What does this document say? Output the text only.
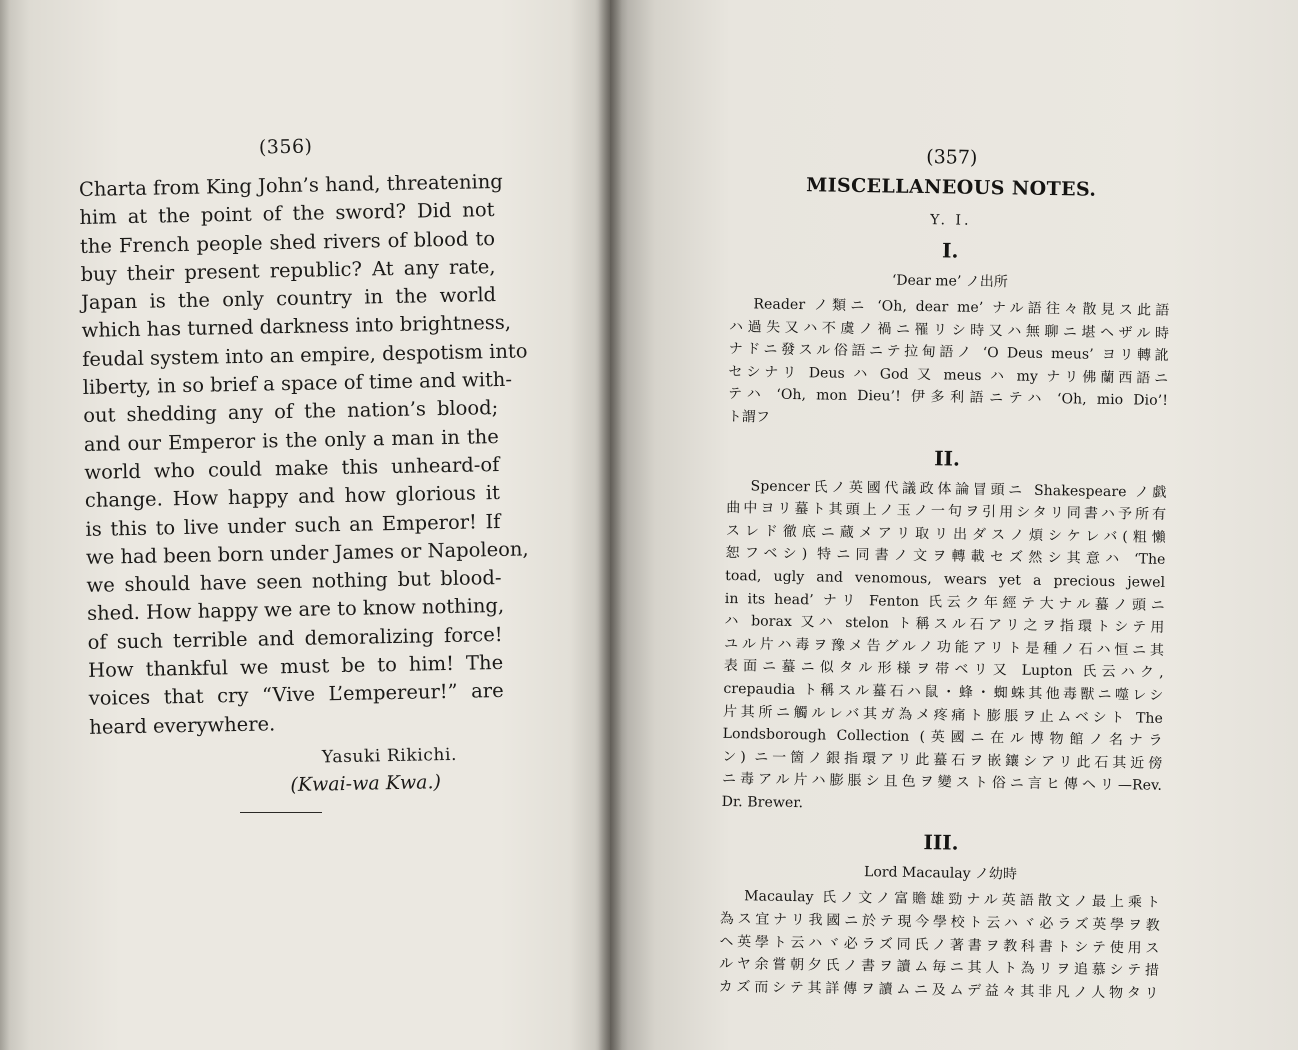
(356)

Charta from King John’s hand, threatening
him at the point of the sword? Did not
the French people shed rivers of blood to
buy their present republic? At any rate,
Japan is the only country in the world
which has turned darkness into brightness,
feudal system into an empire, despotism into
liberty, in so brief a space of time and with-
out shedding any of the nation’s blood;
and our Emperor is the only a man in the
world who could make this unheard-of
change. How happy and how glorious it
is this to live under such an Emperor! If
we had been born under James or Napoleon,
we should have seen nothing but blood-
shed. How happy we are to know nothing,
of such terrible and demoralizing force!
How thankful we must be to him! The
voices that cry “Vive L’empereur!” are
heard everywhere.

Yasuki Rikichi.
(Kwai-wa Kwa.)
(357)
MISCELLANEOUS NOTES.
Y. I.
I.
‘Dear me’ ノ出所

Reader ノ類ニ ‘Oh, dear me’ ナル語往々散見ス此語
ハ過失又ハ不虞ノ禍ニ罹リシ時又ハ無聊ニ堪ヘザル時
ナドニ發スル俗語ニテ拉甸語ノ ‘O Deus meus’ ヨリ轉訛
セシナリ Deus ハ God 又 meus ハ my ナリ佛蘭西語ニ
テハ ‘Oh, mon Dieu’! 伊多利語ニテハ ‘Oh, mio Dio’!
ト謂フ

II.

Spencer氏ノ英國代議政体論冒頭ニ Shakespeare ノ戯
曲中ヨリ蟇ト其頭上ノ玉ノ一句ヲ引用シタリ同書ハ予所有
スレド徹底ニ蔵メアリ取リ出ダスノ煩シケレバ(粗懶
恕フベシ) 特ニ同書ノ文ヲ轉載セズ然シ其意ハ ‘The
toad, ugly and venomous, wears yet a precious jewel
in its head’ ナリ Fenton 氏云ク年經テ大ナル蟇ノ頭ニ
ハ borax 又ハ stelon ト稱スル石アリ之ヲ指環トシテ用
ユル片ハ毒ヲ豫メ告グルノ功能アリト是種ノ石ハ恒ニ其
表面ニ蟇ニ似タル形様ヲ帯ベリ又 Lupton 氏云ハク,
crepaudia ト稱スル蟇石ハ鼠・蜂・蜘蛛其他毒獸ニ噬レシ
片其所ニ觸ルレバ其ガ為メ疼痛ト膨脹ヲ止ムベシト The
Londsborough Collection (英國ニ在ル博物館ノ名ナラ
ン) ニ一箇ノ銀指環アリ此蟇石ヲ嵌鑲シアリ此石其近傍
ニ毒アル片ハ膨脹シ且色ヲ變スト俗ニ言ヒ傳ヘリ—Rev.
Dr. Brewer.

III.
Lord Macaulay ノ幼時

Macaulay 氏ノ文ノ富贍雄勁ナル英語散文ノ最上乘ト
為ス宜ナリ我國ニ於テ現今學校ト云ハヾ必ラズ英學ヲ教
ヘ英學ト云ハヾ必ラズ同氏ノ著書ヲ教科書トシテ使用ス
ルヤ余嘗朝夕氏ノ書ヲ讀ム毎ニ其人ト為リヲ追慕シテ措
カズ而シテ其詳傳ヲ讀ムニ及ムデ益々其非凡ノ人物タリ
